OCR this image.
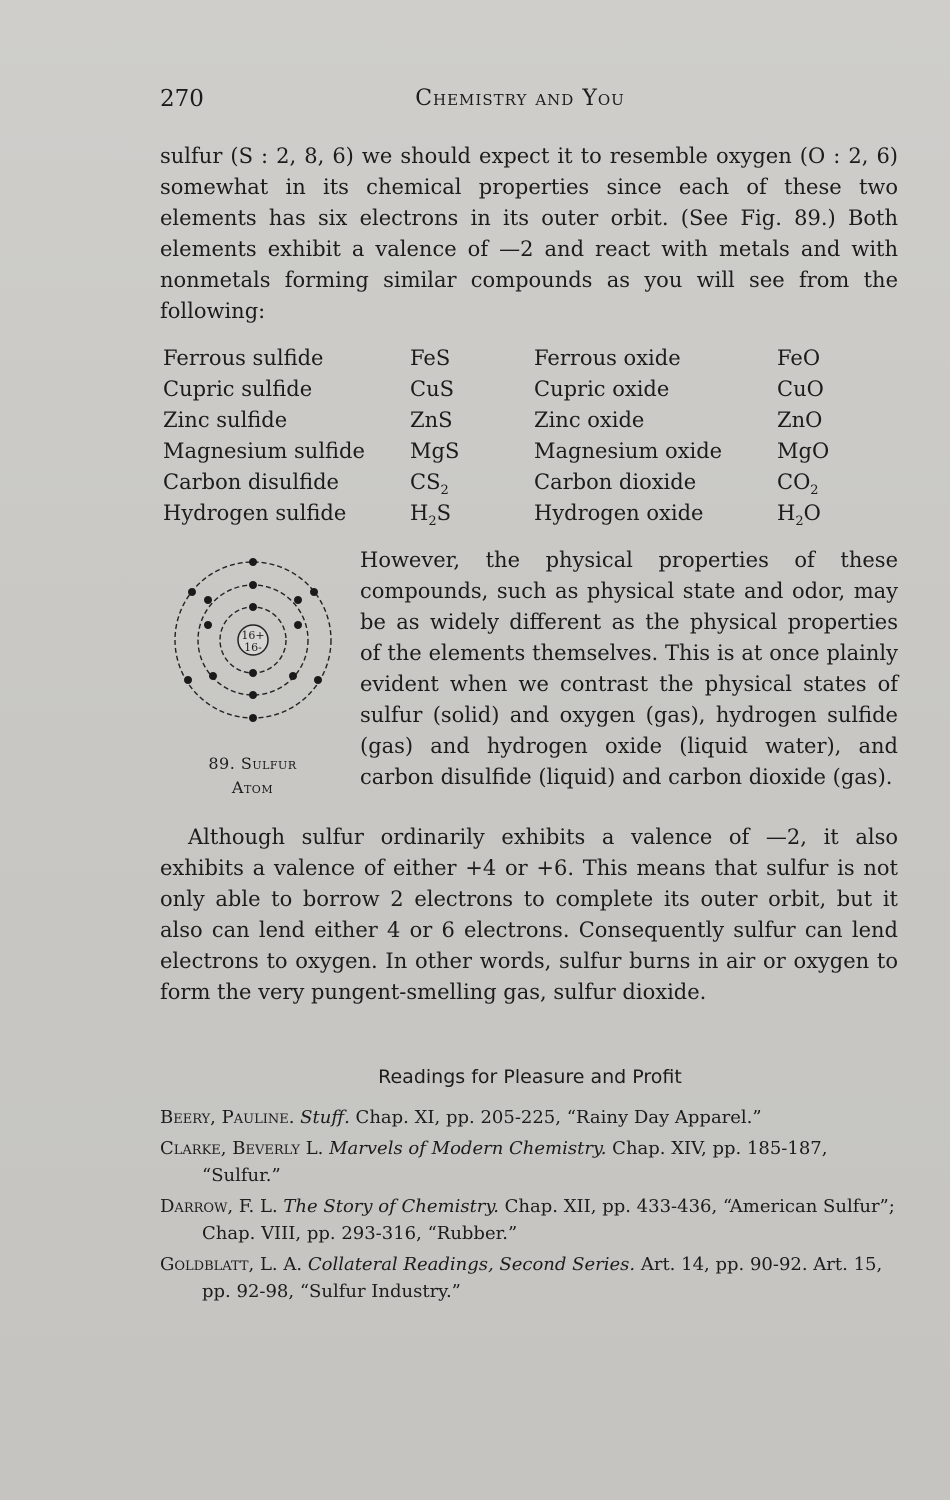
270	Chemistry and You

sulfur (S : 2, 8, 6) we should expect it to resemble oxygen (O : 2, 6) somewhat in its chemical properties since each of these two elements has six electrons in its outer orbit. (See Fig. 89.) Both elements exhibit a valence of —2 and react with metals and with nonmetals forming similar compounds as you will see from the following:

Ferrous sulfide	FeS	Ferrous oxide	FeO
Cupric sulfide	CuS	Cupric oxide	CuO
Zinc sulfide	ZnS	Zinc oxide	ZnO
Magnesium sulfide MgS	Magnesium oxide	MgO
Carbon disulfide	$CS_2$	Carbon dioxide	$CO_2$
Hydrogen sulfide	$H_2S$	Hydrogen oxide	$H_2O$
16+
16-
89. Sulfur
Atom

However, the physical properties of these compounds, such as physical state and odor, may be as widely different as the physical properties of the elements themselves. This is at once plainly evident when we contrast the physical states of sulfur (solid) and oxygen (gas), hydrogen sulfide (gas) and hydrogen oxide (liquid water), and carbon disulfide (liquid) and carbon dioxide (gas).

Although sulfur ordinarily exhibits a valence of —2, it also exhibits a valence of either +4 or +6. This means that sulfur is not only able to borrow 2 electrons to complete its outer orbit, but it also can lend either 4 or 6 electrons. Consequently sulfur can lend electrons to oxygen. In other words, sulfur burns in air or oxygen to form the very pungent-smelling gas, sulfur dioxide.

Readings for Pleasure and Profit

Beery, Pauline. Stuff. Chap. XI, pp. 205-225, “Rainy Day Apparel.”

Clarke, Beverly L. Marvels of Modern Chemistry. Chap. XIV, pp. 185-187, “Sulfur.”

Darrow, F. L. The Story of Chemistry. Chap. XII, pp. 433-436, “American Sulfur”; Chap. VIII, pp. 293-316, “Rubber.”

Goldblatt, L. A. Collateral Readings, Second Series. Art. 14, pp. 90-92. Art. 15, pp. 92-98, “Sulfur Industry.”
